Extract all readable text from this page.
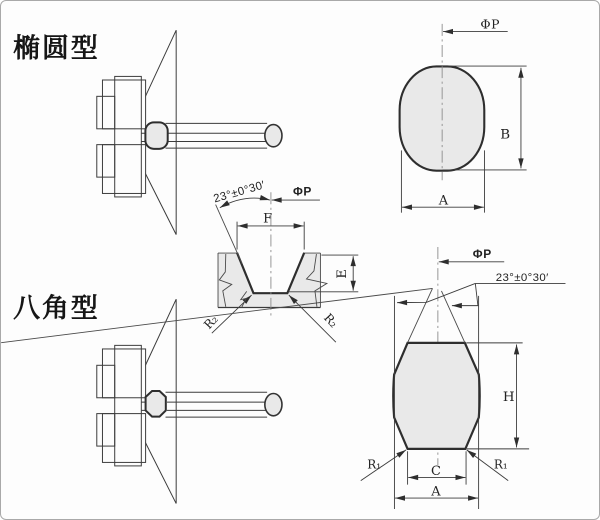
椭圆型
八角型
ΦP
B
A
23°±0°30′ ΦP
F
E
R₂	R₂
ΦP
23°±0°30′
H
R₁	R₁
C
A
